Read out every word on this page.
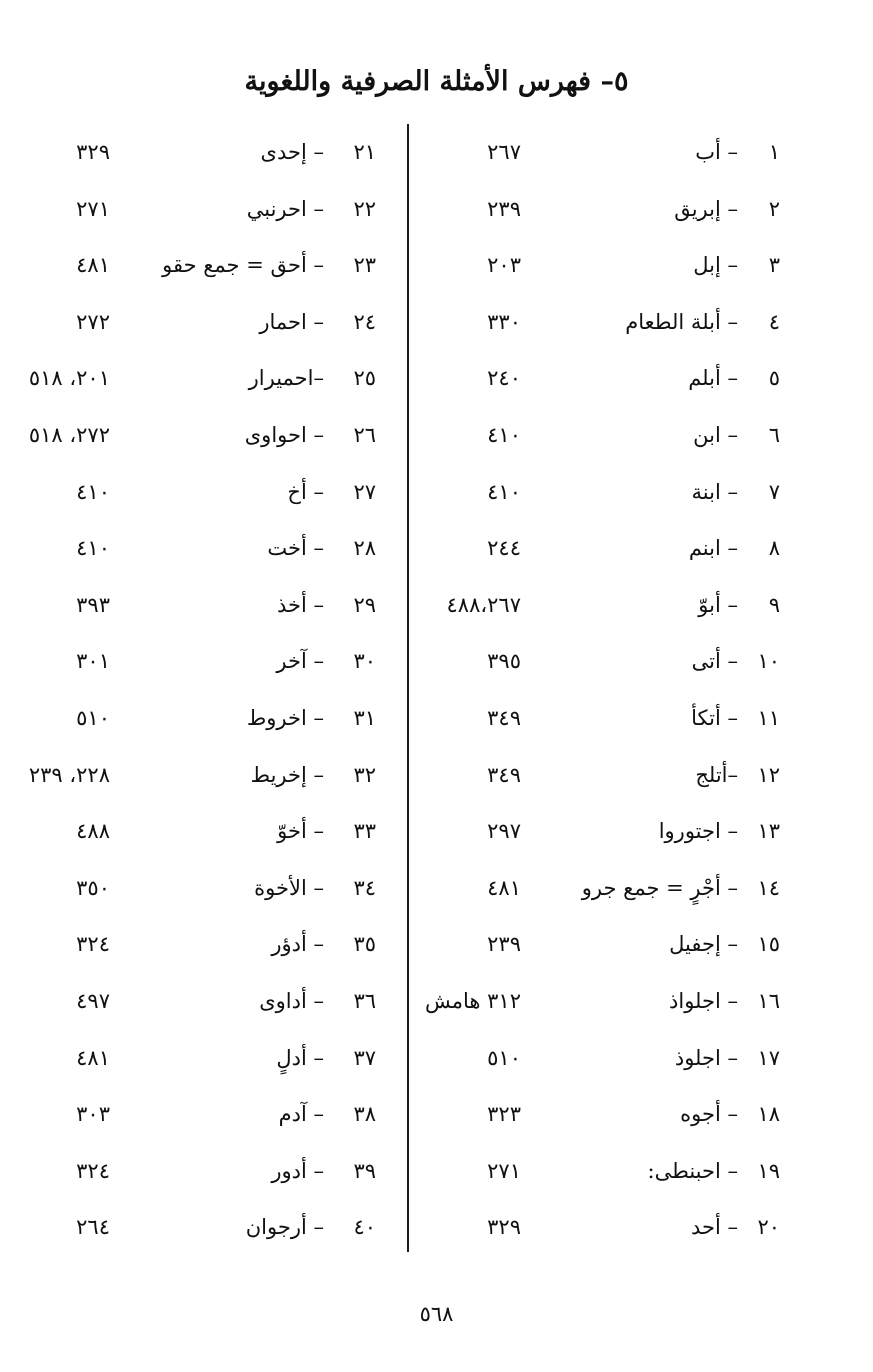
٥– فهرس الأمثلة الصرفية واللغوية
١
– أب
٢٦٧
٢
– إبريق
٢٣٩
٣
– إبل
٢٠٣
٤
– أبلة الطعام
٣٣٠
٥
– أبلم
٢٤٠
٦
– ابن
٤١٠
٧
– ابنة
٤١٠
٨
– ابنم
٢٤٤
٩
– أبوّ
٤٨٨،٢٦٧
١٠
– أتى
٣٩٥
١١
– أتكأ
٣٤٩
١٢
–أتلج
٣٤٩
١٣
– اجتوروا
٢٩٧
١٤
– أجْرٍ = جمع جرو
٤٨١
١٥
– إجفيل
٢٣٩
١٦
– اجلواذ
٣١٢ هامش
١٧
– اجلوذ
٥١٠
١٨
– أجوه
٣٢٣
١٩
– احبنطى:
٢٧١
٢٠
– أحد
٣٢٩
٢١
– إحدى
٣٢٩
٢٢
– احرنبي
٢٧١
٢٣
– أحق = جمع حقو
٤٨١
٢٤
– احمار
٢٧٢
٢٥
–احميرار
٢٠١، ٥١٨
٢٦
– احواوى
٢٧٢، ٥١٨
٢٧
– أخ
٤١٠
٢٨
– أخت
٤١٠
٢٩
– أخذ
٣٩٣
٣٠
– آخر
٣٠١
٣١
– اخروط
٥١٠
٣٢
– إخريط
٢٢٨، ٢٣٩
٣٣
– أخوّ
٤٨٨
٣٤
– الأخوة
٣٥٠
٣٥
– أدؤر
٣٢٤
٣٦
– أداوى
٤٩٧
٣٧
– أدلٍ
٤٨١
٣٨
– آدم
٣٠٣
٣٩
– أدور
٣٢٤
٤٠
– أرجوان
٢٦٤
٥٦٨
